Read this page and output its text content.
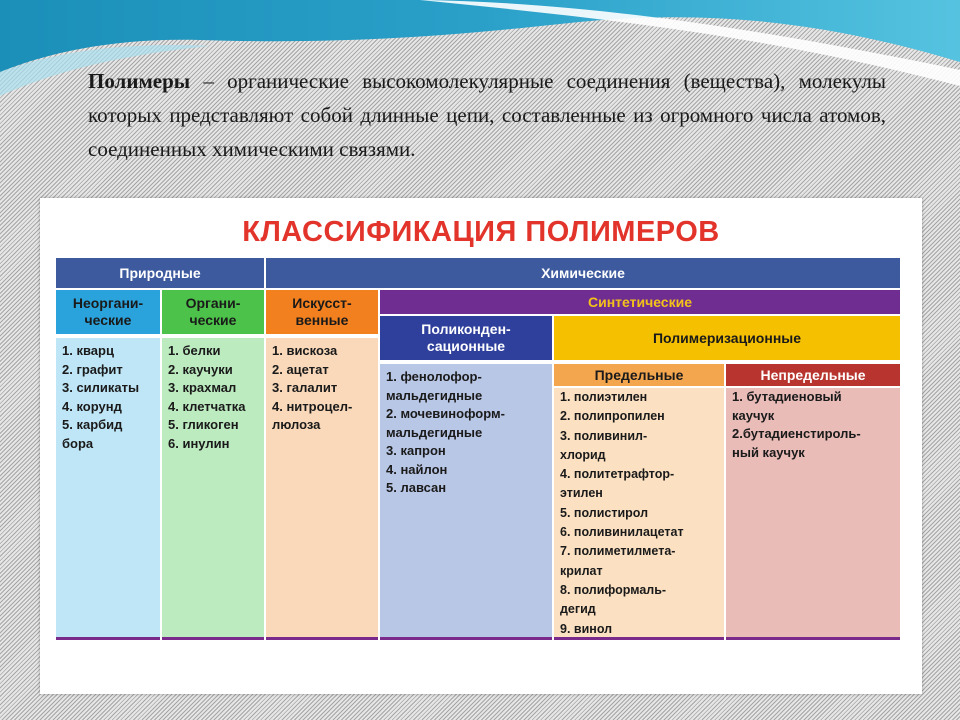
Полимеры – органические высокомолекулярные соединения (вещества), молекулы которых представляют собой длинные цепи, составленные из огромного числа атомов, соединенных химическими связями.
КЛАССИФИКАЦИЯ ПОЛИМЕРОВ
Природные	Химические
Неоргани-
ческие
1. кварц
2. графит
3. силикаты
4. корунд
5. карбид
бора
Органи-
ческие
1. белки
2. каучуки
3. крахмал
4. клетчатка
5. гликоген
6. инулин
Искусст-
венные
1. вискоза
2. ацетат
3. галалит
4. нитроцел-
люлоза
Синтетические
Поликонден-
сационные
1. фенолофор-
мальдегидные
2. мочевиноформ-
мальдегидные
3. капрон
4. найлон
5. лавсан
Полимеризационные
Предельные
1. полиэтилен
2. полипропилен
3. поливинил-
хлорид
4. политетрафтор-
этилен
5. полистирол
6. поливинилацетат
7. полиметилмета-
крилат
8. полиформаль-
дегид
9. винол
Непредельные
1. бутадиеновый
каучук
2.бутадиенстироль-
ный каучук
